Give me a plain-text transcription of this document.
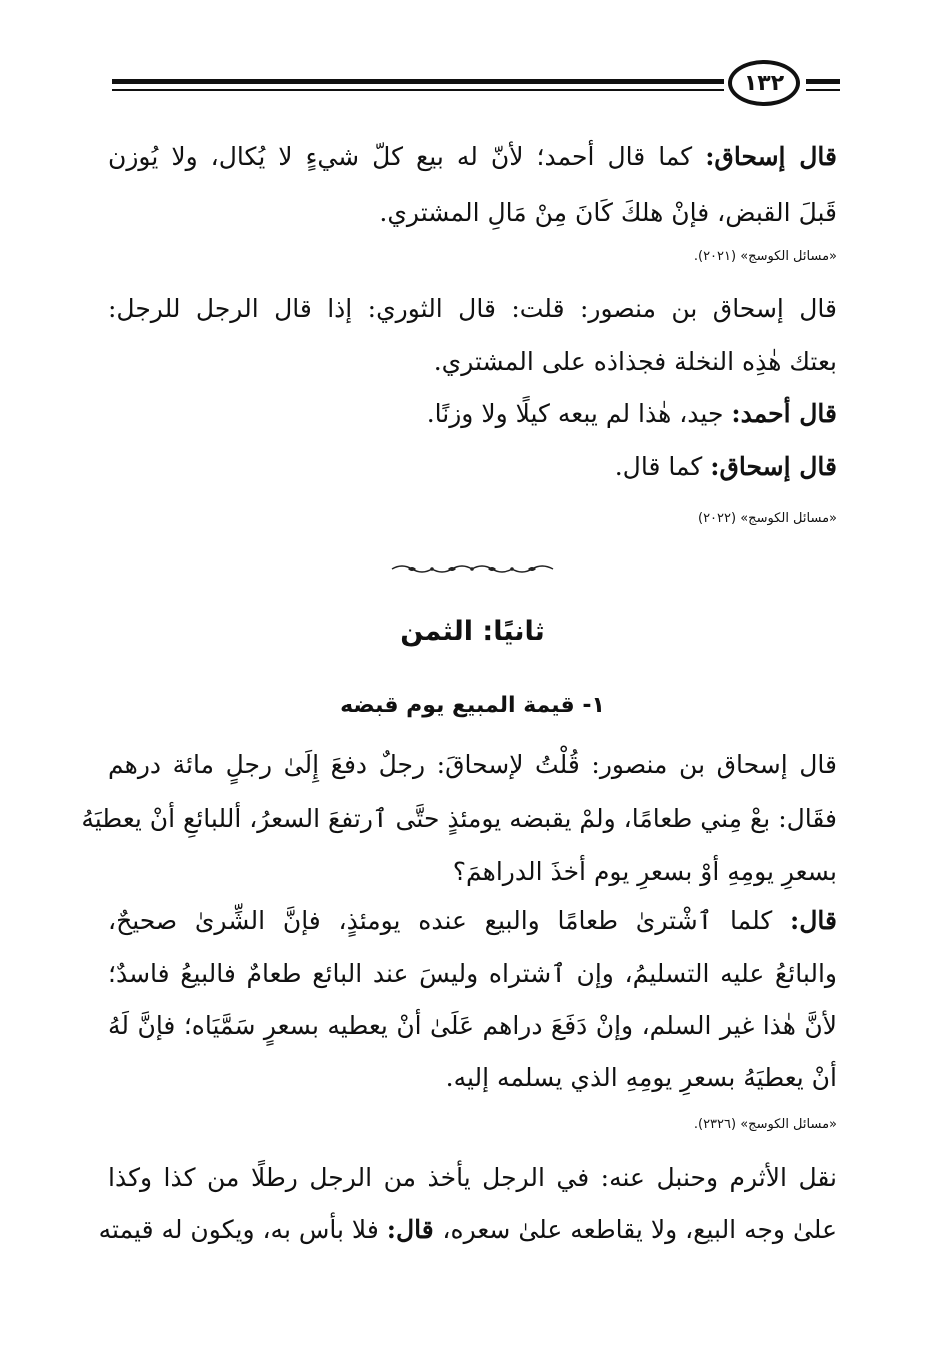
١٣٢
قال إسحاق: كما قال أحمد؛ لأنّ له بيع كلّ شيءٍ لا يُكال، ولا يُوزن
قَبلَ القبض، فإنْ هلكَ كَانَ مِنْ مَالِ المشتري.
«مسائل الكوسج» (٢٠٢١).
قال إسحاق بن منصور: قلت: قال الثوري: إذا قال الرجل للرجل:
بعتك هٰذِه النخلة فجذاذه على المشتري.
قال أحمد: جيد، هٰذا لم يبعه كيلًا ولا وزنًا.
قال إسحاق: كما قال.
«مسائل الكوسج» (٢٠٢٢)
ثانيًا: الثمن
١- قيمة المبيع يوم قبضه
قال إسحاق بن منصور: قُلْتُ لإسحاقَ: رجلٌ دفعَ إِلَىٰ رجلٍ مائة درهم
فقَال: بعْ مِني طعامًا، ولمْ يقبضه يومئذٍ حتَّى ٱرتفعَ السعرُ، أللبائعِ أنْ يعطيَهُ
بسعرِ يومِهِ أوْ بسعرِ يوم أخذَ الدراهمَ؟
قال: كلما ٱشْترىٰ طعامًا والبيع عنده يومئذٍ، فإنَّ الشِّرىٰ صحيحٌ،
والبائعُ عليه التسليمُ، وإن ٱشتراه وليسَ عند البائع طعامٌ فالبيعُ فاسدٌ؛
لأنَّ هٰذا غير السلم، وإنْ دَفَعَ دراهم عَلَىٰ أنْ يعطيه بسعرٍ سَمَّيَاه؛ فإنَّ لَهُ
أنْ يعطيَهُ بسعرِ يومِهِ الذي يسلمه إليه.
«مسائل الكوسج» (٢٣٢٦).
نقل الأثرم وحنبل عنه: في الرجل يأخذ من الرجل رطلًا من كذا وكذا
علىٰ وجه البيع، ولا يقاطعه علىٰ سعره، قال: فلا بأس به، ويكون له قيمته
